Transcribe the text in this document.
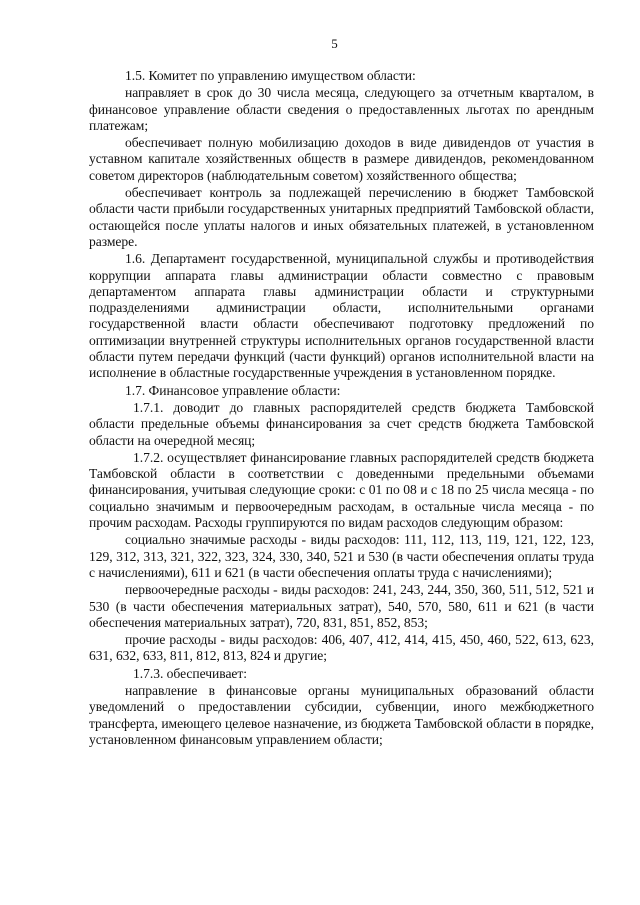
5

1.5. Комитет по управлению имуществом области:

направляет в срок до 30 числа месяца, следующего за отчетным кварталом, в финансовое управление области сведения о предоставленных льготах по арендным платежам;

обеспечивает полную мобилизацию доходов в виде дивидендов от участия в уставном капитале хозяйственных обществ в размере дивидендов, рекомендованном советом директоров (наблюдательным советом) хозяйственного общества;

обеспечивает контроль за подлежащей перечислению в бюджет Тамбовской области части прибыли государственных унитарных предприятий Тамбовской области, остающейся после уплаты налогов и иных обязательных платежей, в установленном размере.

1.6. Департамент государственной, муниципальной службы и противодействия коррупции аппарата главы администрации области совместно с правовым департаментом аппарата главы администрации области и структурными подразделениями администрации области, исполнительными органами государственной власти области обеспечивают подготовку предложений по оптимизации внутренней структуры исполнительных органов государственной власти области путем передачи функций (части функций) органов исполнительной власти на исполнение в областные государственные учреждения в установленном порядке.

1.7. Финансовое управление области:

1.7.1. доводит до главных распорядителей средств бюджета Тамбовской области предельные объемы финансирования за счет средств бюджета Тамбовской области на очередной месяц;

1.7.2. осуществляет финансирование главных распорядителей средств бюджета Тамбовской области в соответствии с доведенными предельными объемами финансирования, учитывая следующие сроки: с 01 по 08 и с 18 по 25 числа месяца - по социально значимым и первоочередным расходам, в остальные числа месяца - по прочим расходам. Расходы группируются по видам расходов следующим образом:

социально значимые расходы - виды расходов: 111, 112, 113, 119, 121, 122, 123, 129, 312, 313, 321, 322, 323, 324, 330, 340, 521 и 530 (в части обеспечения оплаты труда с начислениями), 611 и 621 (в части обеспечения оплаты труда с начислениями);

первоочередные расходы - виды расходов: 241, 243, 244, 350, 360, 511, 512, 521 и 530 (в части обеспечения материальных затрат), 540, 570, 580, 611 и 621 (в части обеспечения материальных затрат), 720, 831, 851, 852, 853;

прочие расходы - виды расходов: 406, 407, 412, 414, 415, 450, 460, 522, 613, 623, 631, 632, 633, 811, 812, 813, 824 и другие;

1.7.3. обеспечивает:

направление в финансовые органы муниципальных образований области уведомлений о предоставлении субсидии, субвенции, иного межбюджетного трансферта, имеющего целевое назначение, из бюджета Тамбовской области в порядке, установленном финансовым управлением области;
